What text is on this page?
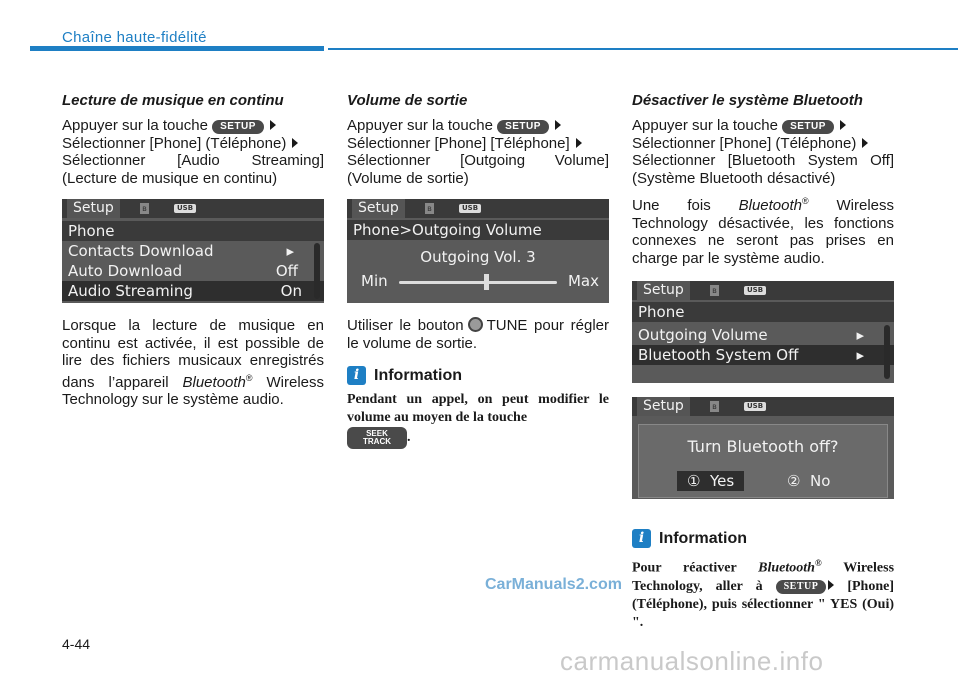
Chaîne haute-fidélité
Lecture de musique en continu

Appuyer sur la touche SETUP
Sélectionner [Phone] (Téléphone)
Sélectionner [Audio Streaming] (Lecture de musique en continu)

Setup	ʙ	USB
Phone
Contacts Download	▸
Auto Download	Off
Audio Streaming	On

Lorsque la lecture de musique en continu est activée, il est possible de lire des fichiers musicaux enregistrés dans l’appareil Bluetooth® Wireless Technology sur le système audio.

Volume de sortie

Appuyer sur la touche SETUP
Sélectionner [Phone] [Téléphone]
Sélectionner [Outgoing Volume] (Volume de sortie)

Setup	ʙ	USB
Phone>Outgoing Volume
Outgoing Vol. 3
Min	Max

Utiliser le bouton TUNE pour régler le volume de sortie.

i Information

Pendant un appel, on peut modifier le volume au moyen de la touche
SEEK
TRACK .

Désactiver le système Bluetooth

Appuyer sur la touche SETUP
Sélectionner [Phone] (Téléphone)
Sélectionner [Bluetooth System Off] (Système Bluetooth désactivé)

Une fois Bluetooth® Wireless Technology désactivée, les fonctions connexes ne seront pas prises en charge par le système audio.

Setup	ʙ	USB
Phone
Outgoing Volume	▸
Bluetooth System Off	▸
Setup	ʙ	USB
Turn Bluetooth off?
① Yes	② No
i Information

Pour réactiver Bluetooth® Wireless Technology, aller à SETUP [Phone] (Téléphone), puis sélectionner " YES (Oui) ".

CarManuals2.com
4-44
carmanualsonline.info
